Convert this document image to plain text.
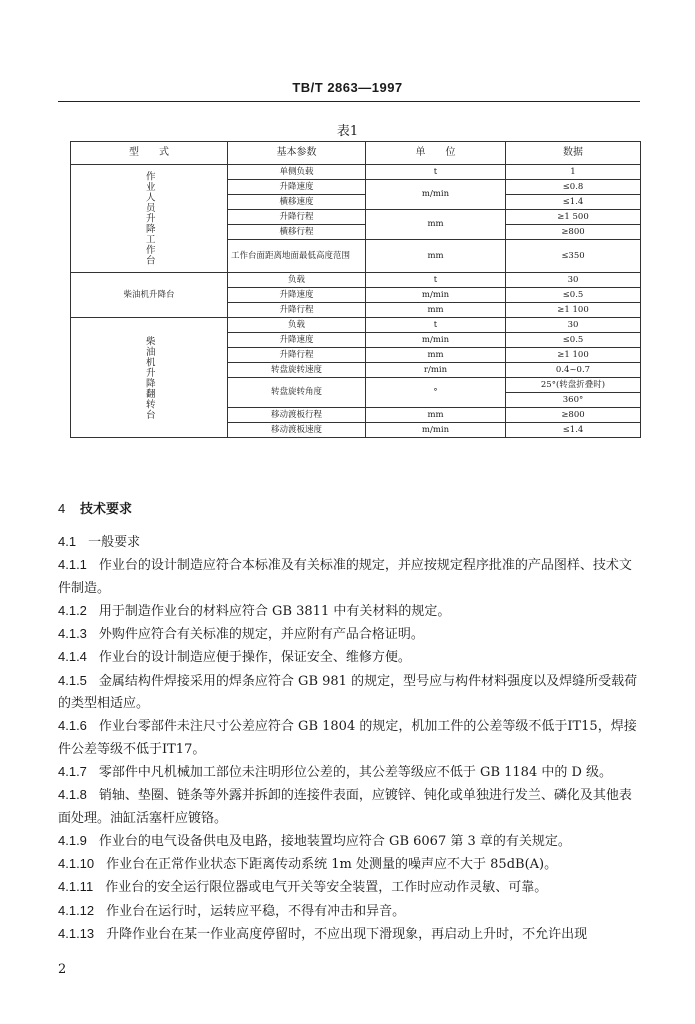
TB/T 2863—1997
表1
型　　式	基本参数	单　　位	数据
作业人员升降工作台	单侧负载	t	1
	升降速度	m/min	≤0.8
	横移速度		≤1.4
	升降行程	mm	≥1 500
	横移行程		≥800
	工作台面距离地面最低高度范围	mm	≤350
柴油机升降台	负载	t	30
	升降速度	m/min	≤0.5
	升降行程	mm	≥1 100
柴油机升降翻转台	负载	t	30
	升降速度	m/min	≤0.5
	升降行程	mm	≥1 100
	转盘旋转速度	r/min	0.4~0.7
	转盘旋转角度	°	25°(转盘折叠时)
			360°
	移动渡板行程	mm	≥800
	移动渡板速度	m/min	≤1.4
4 技术要求

4.1 一般要求

4.1.1 作业台的设计制造应符合本标准及有关标准的规定，并应按规定程序批准的产品图样、技术文件制造。

4.1.2 用于制造作业台的材料应符合 GB 3811 中有关材料的规定。

4.1.3 外购件应符合有关标准的规定，并应附有产品合格证明。

4.1.4 作业台的设计制造应便于操作，保证安全、维修方便。

4.1.5 金属结构件焊接采用的焊条应符合 GB 981 的规定，型号应与构件材料强度以及焊缝所受载荷的类型相适应。

4.1.6 作业台零部件未注尺寸公差应符合 GB 1804 的规定，机加工件的公差等级不低于IT15，焊接件公差等级不低于IT17。

4.1.7 零部件中凡机械加工部位未注明形位公差的，其公差等级应不低于 GB 1184 中的 D 级。

4.1.8 销轴、垫圈、链条等外露并拆卸的连接件表面，应镀锌、钝化或单独进行发兰、磷化及其他表面处理。油缸活塞杆应镀铬。

4.1.9 作业台的电气设备供电及电路，接地装置均应符合 GB 6067 第 3 章的有关规定。

4.1.10 作业台在正常作业状态下距离传动系统 1m 处测量的噪声应不大于 85dB(A)。

4.1.11 作业台的安全运行限位器或电气开关等安全装置，工作时应动作灵敏、可靠。

4.1.12 作业台在运行时，运转应平稳，不得有冲击和异音。

4.1.13 升降作业台在某一作业高度停留时，不应出现下滑现象，再启动上升时，不允许出现

2
